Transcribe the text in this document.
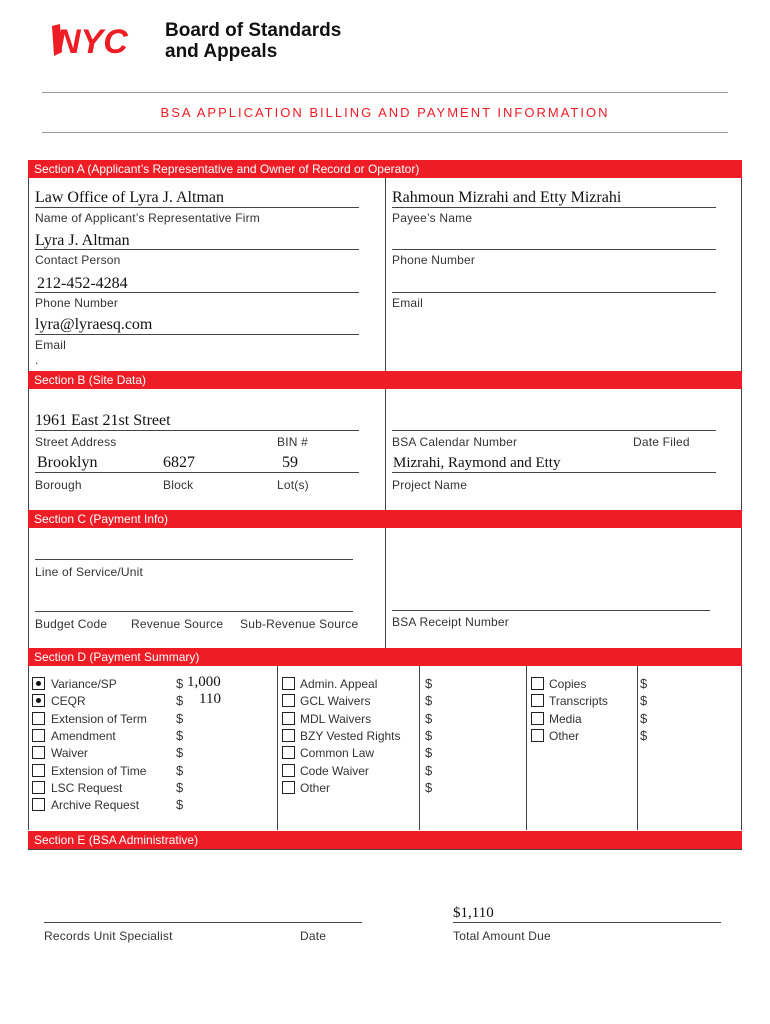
NYC Board of Standards
and Appeals
BSA APPLICATION BILLING AND PAYMENT INFORMATION
Section A (Applicant’s Representative and Owner of Record or Operator)
Law Office of Lyra J. Altman
Name of Applicant’s Representative Firm
Lyra J. Altman
Contact Person
212-452-4284
Phone Number
lyra@lyraesq.com
Email
.
Rahmoun Mizrahi and Etty Mizrahi
Payee’s Name
Phone Number
Email
Section B (Site Data)
1961 East 21st Street
Street Address	BIN #
Brooklyn	6827	59
Borough	Block	Lot(s)
BSA Calendar Number	Date Filed
Mizrahi, Raymond and Etty
Project Name
Section C (Payment Info)
Line of Service/Unit
Budget Code Revenue Source Sub-Revenue Source	BSA Receipt Number
Section D (Payment Summary)
Variance/SP	$ 1,000
CEQR	$ 110
Extension of Term $
Amendment	$
Waiver	$
Extension of Time $
LSC Request	$
Archive Request	$
Admin. Appeal	$
GCL Waivers	$
MDL Waivers	$
BZY Vested Rights $
Common Law	$
Code Waiver	$
Other	$
Copies	$
Transcripts $
Media	$
Other	$
Section E (BSA Administrative)
Records Unit Specialist	Date
$1,110
Total Amount Due
